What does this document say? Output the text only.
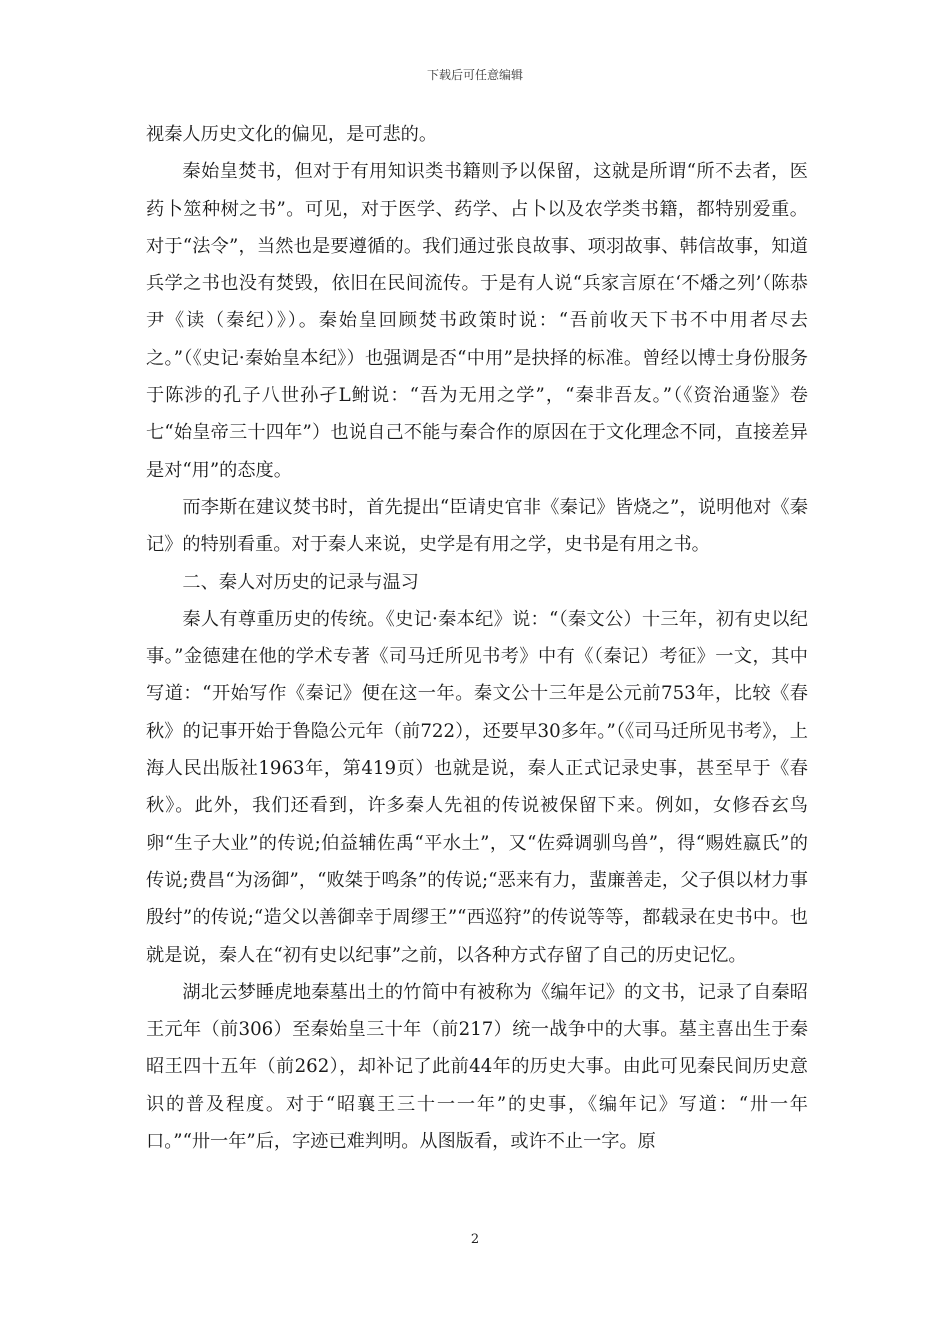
下载后可任意编辑

视秦人历史文化的偏见，是可悲的。

秦始皇焚书，但对于有用知识类书籍则予以保留，这就是所谓“所不去者，医药卜筮种树之书”。可见，对于医学、药学、占卜以及农学类书籍，都特别爱重。对于“法令”，当然也是要遵循的。我们通过张良故事、项羽故事、韩信故事，知道兵学之书也没有焚毁，依旧在民间流传。于是有人说“兵家言原在‘不燔之列’（陈恭尹《读（秦纪）》）。秦始皇回顾焚书政策时说：“吾前收天下书不中用者尽去之。”（《史记·秦始皇本纪》）也强调是否“中用”是抉择的标准。曾经以博士身份服务于陈涉的孔子八世孙孑L鲋说：“吾为无用之学”，“秦非吾友。”（《资治通鉴》卷七“始皇帝三十四年”）也说自己不能与秦合作的原因在于文化理念不同，直接差异是对“用”的态度。

而李斯在建议焚书时，首先提出“臣请史官非《秦记》皆烧之”，说明他对《秦记》的特别看重。对于秦人来说，史学是有用之学，史书是有用之书。

二、秦人对历史的记录与温习

秦人有尊重历史的传统。《史记·秦本纪》说：“（秦文公）十三年，初有史以纪事。”金德建在他的学术专著《司马迁所见书考》中有《（秦记）考征》一文，其中写道：“开始写作《秦记》便在这一年。秦文公十三年是公元前753年，比较《春秋》的记事开始于鲁隐公元年（前722），还要早30多年。”（《司马迁所见书考》，上海人民出版社1963年，第419页）也就是说，秦人正式记录史事，甚至早于《春秋》。此外，我们还看到，许多秦人先祖的传说被保留下来。例如，女修吞玄鸟卵“生子大业”的传说;伯益辅佐禹“平水土”，又“佐舜调驯鸟兽”，得“赐姓嬴氏”的传说;费昌“为汤御”，“败桀于鸣条”的传说;“恶来有力，蜚廉善走，父子俱以材力事殷纣”的传说;“造父以善御幸于周缪王”“西巡狩”的传说等等，都载录在史书中。也就是说，秦人在“初有史以纪事”之前，以各种方式存留了自己的历史记忆。

湖北云梦睡虎地秦墓出土的竹简中有被称为《编年记》的文书，记录了自秦昭王元年（前306）至秦始皇三十年（前217）统一战争中的大事。墓主喜出生于秦昭王四十五年（前262），却补记了此前44年的历史大事。由此可见秦民间历史意识的普及程度。对于“昭襄王三十一一年”的史事，《编年记》写道：“卅一年口。”“卅一年”后，字迹已难判明。从图版看，或许不止一字。原

2
